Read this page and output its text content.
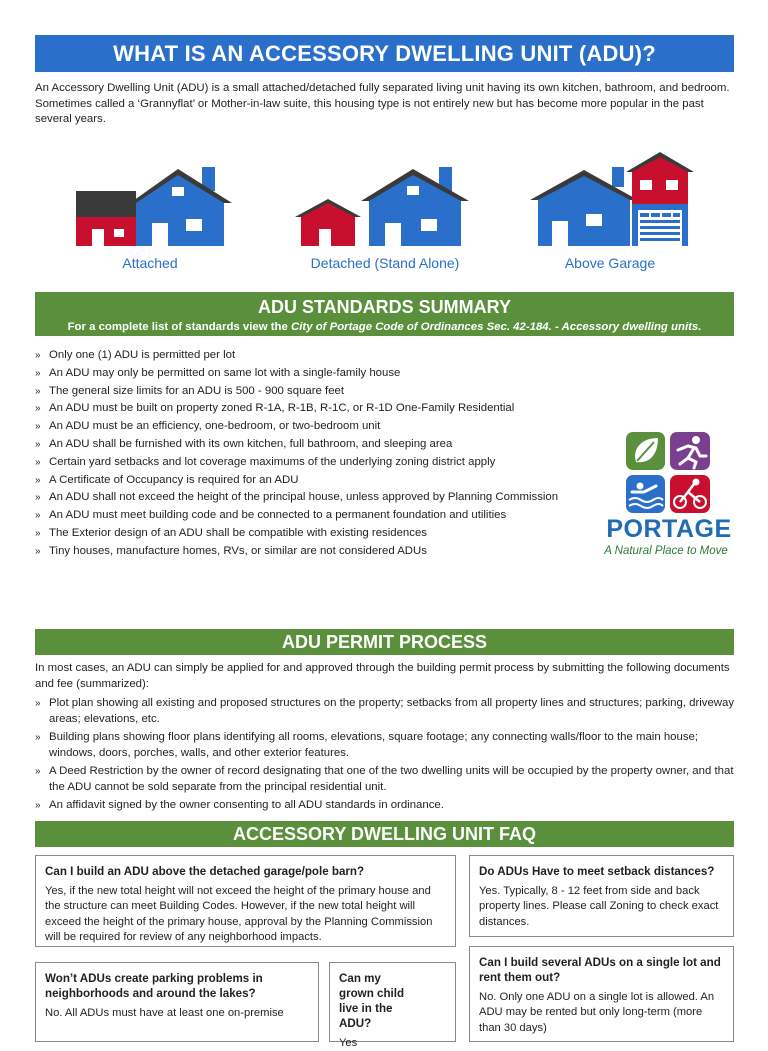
WHAT IS AN ACCESSORY DWELLING UNIT (ADU)?

An Accessory Dwelling Unit (ADU) is a small attached/detached fully separated living unit having its own kitchen, bathroom, and bedroom. Sometimes called a ‘Grannyflat’ or Mother-in-law suite, this housing type is not entirely new but has become more popular in the past several years.

Attached	Detached (Stand Alone)	Above Garage
ADU STANDARDS SUMMARY
For a complete list of standards view the City of Portage Code of Ordinances Sec. 42-184. - Accessory dwelling units.
» Only one (1) ADU is permitted per lot
» An ADU may only be permitted on same lot with a single-family house
» The general size limits for an ADU is 500 - 900 square feet
» An ADU must be built on property zoned R-1A, R-1B, R-1C, or R-1D One-Family Residential
» An ADU must be an efficiency, one-bedroom, or two-bedroom unit
» An ADU shall be furnished with its own kitchen, full bathroom, and sleeping area
» Certain yard setbacks and lot coverage maximums of the underlying zoning district apply
» A Certificate of Occupancy is required for an ADU
» An ADU shall not exceed the height of the principal house, unless approved by Planning Commission
» An ADU must meet building code and be connected to a permanent foundation and utilities
» The Exterior design of an ADU shall be compatible with existing residences
» Tiny houses, manufacture homes, RVs, or similar are not considered ADUs
PORTAGE
A Natural Place to Move
ADU PERMIT PROCESS

In most cases, an ADU can simply be applied for and approved through the building permit process by submitting the following documents and fee (summarized):

» Plot plan showing all existing and proposed structures on the property; setbacks from all property lines and structures; parking, driveway areas; elevations, etc.
» Building plans showing floor plans identifying all rooms, elevations, square footage; any connecting walls/floor to the main house; windows, doors, porches, walls, and other exterior features.
» A Deed Restriction by the owner of record designating that one of the two dwelling units will be occupied by the property owner, and that the ADU cannot be sold separate from the principal residential unit.
» An affidavit signed by the owner consenting to all ADU standards in ordinance.
ACCESSORY DWELLING UNIT FAQ

Can I build an ADU above the detached garage/pole barn?

Yes, if the new total height will not exceed the height of the primary house and the structure can meet Building Codes. However, if the new total height will exceed the height of the primary house, approval by the Planning Commission will be required for review of any neighborhood impacts.

Do ADUs Have to meet setback distances?

Yes. Typically, 8 - 12 feet from side and back property lines. Please call Zoning to check exact distances.

Won’t ADUs create parking problems in neighborhoods and around the lakes?

No. All ADUs must have at least one on-premise

Can my grown child live in the ADU?

Yes

Can I build several ADUs on a single lot and rent them out?

No. Only one ADU on a single lot is allowed. An ADU may be rented but only long-term (more than 30 days)
